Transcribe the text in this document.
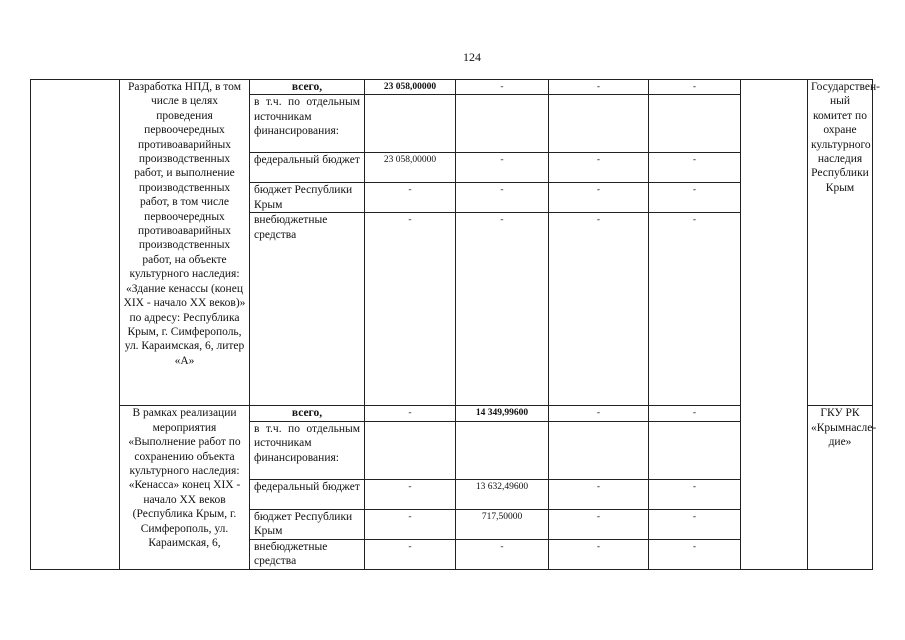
124
	Разработка НПД, в том числе в целях проведения первоочередных противоаварийных производственных работ, и выполнение производственных работ, в том числе первоочередных противоаварийных производственных работ, на объекте культурного наследия: «Здание кенассы (конец XIX - начало XX веков)» по адресу: Республика Крым, г. Симферополь, ул. Караимская, 6, литер «А»	всего,	23 058,00000	-	-	-		Государствен-ный комитет по охране культурного наследия Республики Крым
		в т.ч. по отдельным источникам финансирования:						
		федеральный бюджет	23 058,00000	-	-	-		
		бюджет Республики Крым	-	-	-	-		
		внебюджетные средства	-	-	-	-		
	В рамках реализации мероприятия «Выполнение работ по сохранению объекта культурного наследия: «Кенасса» конец XIX - начало XX веков (Республика Крым, г. Симферополь, ул. Караимская, 6,	всего,	-	14 349,99600	-	-		ГКУ РК «Крымнасле-дие»
		в т.ч. по отдельным источникам финансирования:						
		федеральный бюджет	-	13 632,49600	-	-		
		бюджет Республики Крым	-	717,50000	-	-		
		внебюджетные средства	-	-	-	-		
